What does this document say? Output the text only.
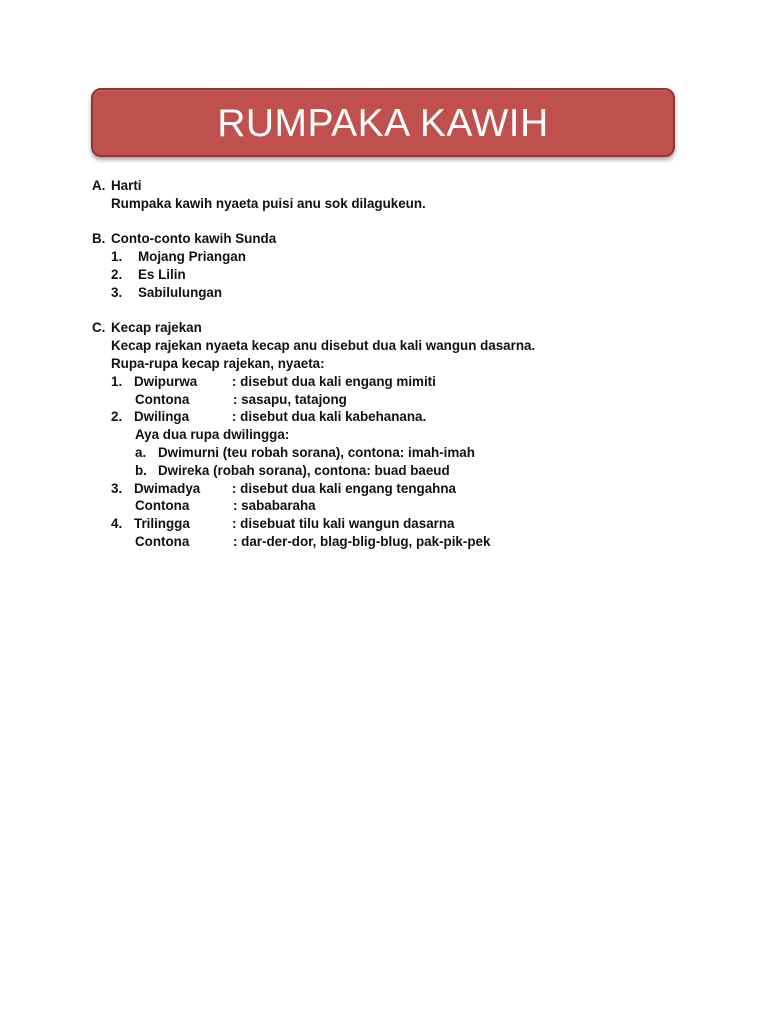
RUMPAKA KAWIH
A. Harti
Rumpaka kawih nyaeta puisi anu sok dilagukeun.
B. Conto-conto kawih Sunda
1.	Mojang Priangan
2.	Es Lilin
3.	Sabilulungan
C. Kecap rajekan
Kecap rajekan nyaeta kecap anu disebut dua kali wangun dasarna.
Rupa-rupa kecap rajekan, nyaeta:
1. Dwipurwa	: disebut dua kali engang mimiti
Contona	: sasapu, tatajong
2. Dwilinga	: disebut dua kali kabehanana.
Aya dua rupa dwilingga:
a. Dwimurni (teu robah sorana), contona: imah-imah
b. Dwireka (robah sorana), contona: buad baeud
3. Dwimadya	: disebut dua kali engang tengahna
Contona	: sababaraha
4. Trilingga	: disebuat tilu kali wangun dasarna
Contona	: dar-der-dor, blag-blig-blug, pak-pik-pek
